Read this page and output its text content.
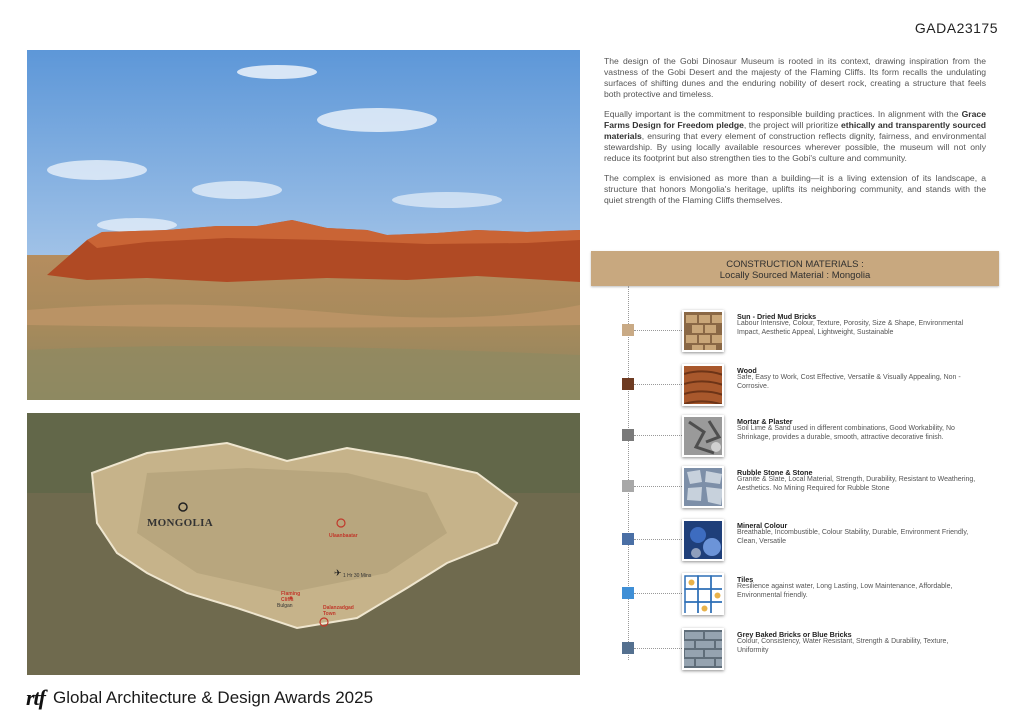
GADA23175
✈
MONGOLIA
Ulaanbaatar
1 Hr 30 Mins
Flaming Cliffs
Bulgan	Dalanzadgad Town

The design of the Gobi Dinosaur Museum is rooted in its context, drawing inspiration from the vastness of the Gobi Desert and the majesty of the Flaming Cliffs. Its form recalls the undulating surfaces of shifting dunes and the enduring nobility of desert rock, creating a structure that feels both protective and timeless.

Equally important is the commitment to responsible building practices. In alignment with the Grace Farms Design for Freedom pledge, the project will prioritize ethically and transparently sourced materials, ensuring that every element of construction reflects dignity, fairness, and environmental stewardship. By using locally available resources wherever possible, the museum will not only reduce its footprint but also strengthen ties to the Gobi's culture and community.

The complex is envisioned as more than a building—it is a living extension of its landscape, a structure that honors Mongolia's heritage, uplifts its neighboring community, and stands with the quiet strength of the Flaming Cliffs themselves.

CONSTRUCTION MATERIALS :
Locally Sourced Material : Mongolia
Sun - Dried Mud Bricks
Labour Intensive, Colour, Texture, Porosity, Size & Shape, Environmental Impact, Aesthetic Appeal, Lightweight, Sustainable
Wood
Safe, Easy to Work, Cost Effective, Versatile & Visually Appealing, Non - Corrosive.
Mortar & Plaster
Soil Lime & Sand used in different combinations, Good Workability, No Shrinkage, provides a durable, smooth, attractive decorative finish.
Rubble Stone & Stone
Granite & Slate, Local Material, Strength, Durability, Resistant to Weathering, Aesthetics. No Mining Required for Rubble Stone
Mineral Colour
Breathable, Incombustible, Colour Stability, Durable, Environment Friendly, Clean, Versatile
Tiles
Resilience against water, Long Lasting, Low Maintenance, Affordable, Environmental friendly.
Grey Baked Bricks or Blue Bricks
Colour, Consistency, Water Resistant, Strength & Durability, Texture, Uniformity
rtf Global Architecture & Design Awards 2025
